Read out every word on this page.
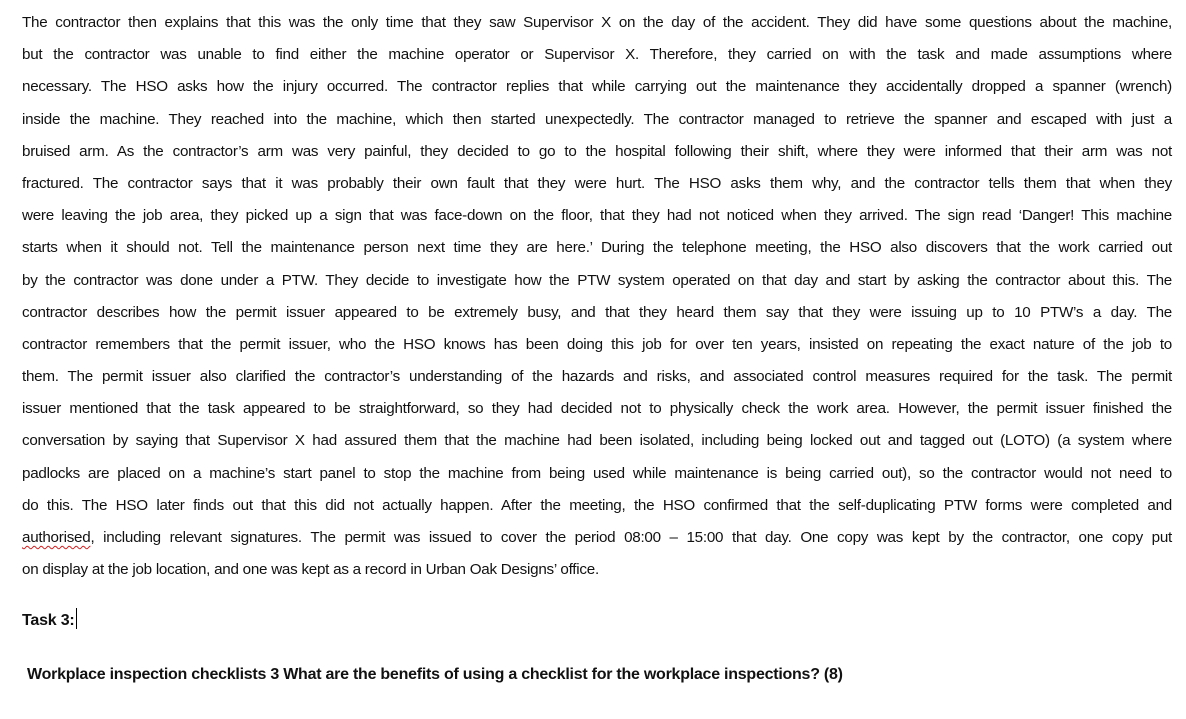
The contractor then explains that this was the only time that they saw Supervisor X on the day of the accident. They did have some questions about the machine,
but the contractor was unable to find either the machine operator or Supervisor X. Therefore, they carried on with the task and made assumptions where
necessary. The HSO asks how the injury occurred. The contractor replies that while carrying out the maintenance they accidentally dropped a spanner (wrench)
inside the machine. They reached into the machine, which then started unexpectedly. The contractor managed to retrieve the spanner and escaped with just a
bruised arm. As the contractor’s arm was very painful, they decided to go to the hospital following their shift, where they were informed that their arm was not
fractured. The contractor says that it was probably their own fault that they were hurt. The HSO asks them why, and the contractor tells them that when they
were leaving the job area, they picked up a sign that was face-down on the floor, that they had not noticed when they arrived. The sign read ‘Danger! This machine
starts when it should not. Tell the maintenance person next time they are here.’ During the telephone meeting, the HSO also discovers that the work carried out
by the contractor was done under a PTW. They decide to investigate how the PTW system operated on that day and start by asking the contractor about this. The
contractor describes how the permit issuer appeared to be extremely busy, and that they heard them say that they were issuing up to 10 PTW’s a day. The
contractor remembers that the permit issuer, who the HSO knows has been doing this job for over ten years, insisted on repeating the exact nature of the job to
them. The permit issuer also clarified the contractor’s understanding of the hazards and risks, and associated control measures required for the task. The permit
issuer mentioned that the task appeared to be straightforward, so they had decided not to physically check the work area. However, the permit issuer finished the
conversation by saying that Supervisor X had assured them that the machine had been isolated, including being locked out and tagged out (LOTO) (a system where
padlocks are placed on a machine’s start panel to stop the machine from being used while maintenance is being carried out), so the contractor would not need to
do this. The HSO later finds out that this did not actually happen. After the meeting, the HSO confirmed that the self-duplicating PTW forms were completed and
authorised, including relevant signatures. The permit was issued to cover the period 08:00 – 15:00 that day. One copy was kept by the contractor, one copy put
on display at the job location, and one was kept as a record in Urban Oak Designs’ office.
Task 3:
Workplace inspection checklists 3 What are the benefits of using a checklist for the workplace inspections? (8)
